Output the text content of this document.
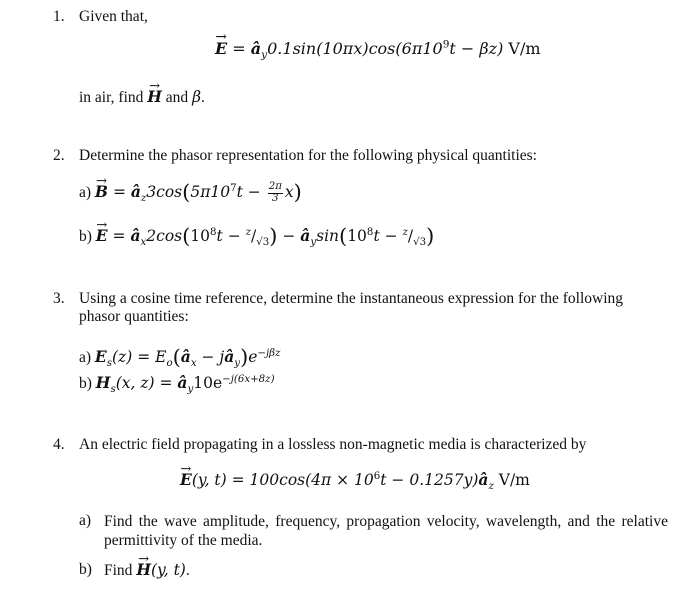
1. Given that,
→ $E = â_y0.1\sin(10\pi x)\cos(6\pi 10^9t - \beta z)$ V/m
in air, find → H and β.
2. Determine the phasor representation for the following physical quantities:
$a) \to B = â_z3\cos(5\pi 10^7t - \frac{2\pi}{3} x)$
$b) \to E = â_x2\cos(10^8t - ^z/_{√3})$ − $â_y\sin(10^8t - ^z/_{√3})$
3. Using a cosine time reference, determine the instantaneous expression for the following
phasor quantities:
a) $E_s(z)$ = $E_o(â_x$ − $jâ_y)e^{-j\beta z}$
b) $H_s(x$, $z) = â_y10e^{-j(6x+8z)}$
4. An electric field propagating in a lossless non-magnetic media is characterized by
→ E(y, $t) = 100\cos(4\pi \times 10^6t$ − $0.1257y)â_z$ V/m
a) Find the wave amplitude, frequency, propagation velocity, wavelength, and the relative permittivity of the media.
b) Find → H(y, t).
